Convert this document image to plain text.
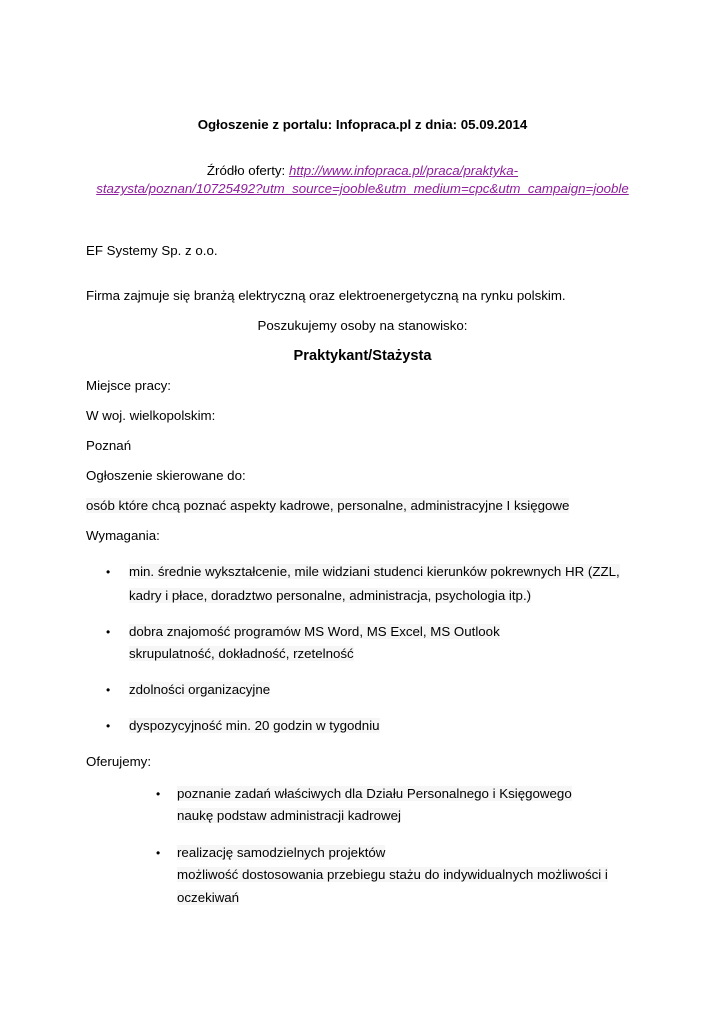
Ogłoszenie z portalu: Infopraca.pl z dnia: 05.09.2014
Źródło oferty: http://www.infopraca.pl/praca/praktyka-
stazysta/poznan/10725492?utm_source=jooble&utm_medium=cpc&utm_campaign=jooble
EF Systemy Sp. z o.o.
Firma zajmuje się branżą elektryczną oraz elektroenergetyczną na rynku polskim.
Poszukujemy osoby na stanowisko:
Praktykant/Stażysta
Miejsce pracy:
W woj. wielkopolskim:
Poznań
Ogłoszenie skierowane do:
osób które chcą poznać aspekty kadrowe, personalne, administracyjne I księgowe
Wymagania:
• min. średnie wykształcenie, mile widziani studenci kierunków pokrewnych HR (ZZL,
kadry i płace, doradztwo personalne, administracja, psychologia itp.)
• dobra znajomość programów MS Word, MS Excel, MS Outlook
skrupulatność, dokładność, rzetelność
• zdolności organizacyjne
• dyspozycyjność min. 20 godzin w tygodniu
Oferujemy:
• poznanie zadań właściwych dla Działu Personalnego i Księgowego
naukę podstaw administracji kadrowej
• realizację samodzielnych projektów
możliwość dostosowania przebiegu stażu do indywidualnych możliwości i
oczekiwań
